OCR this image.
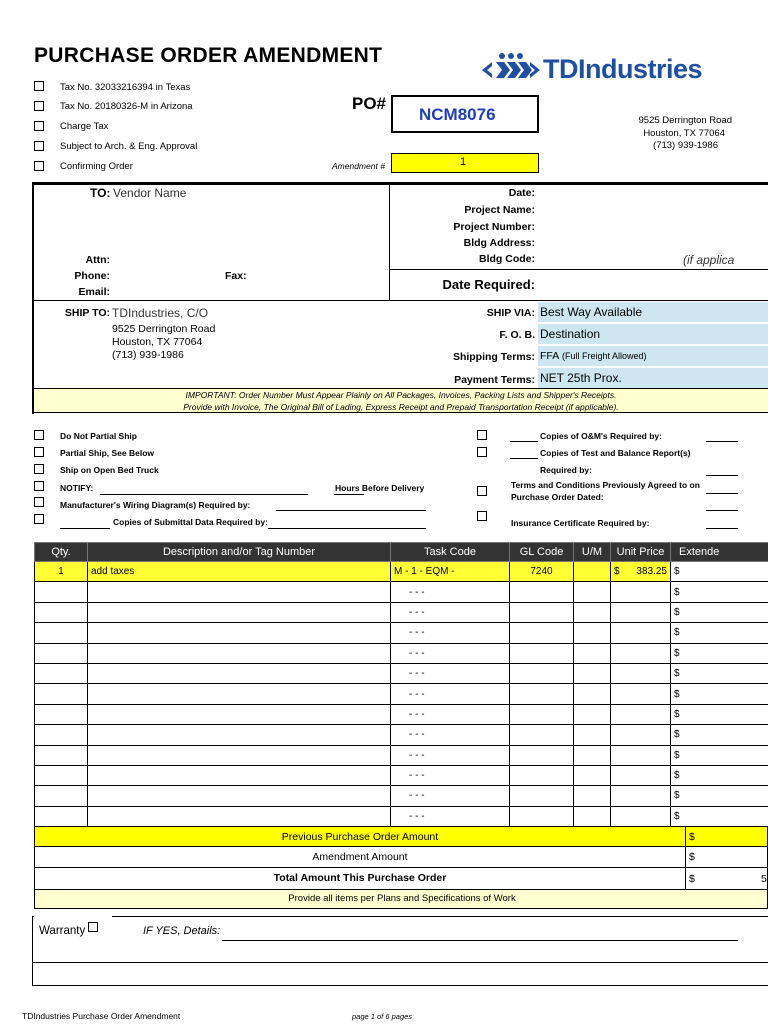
PURCHASE ORDER AMENDMENT
Tax No. 32033216394 in Texas
Tax No. 20180326-M in Arizona
Charge Tax
Subject to Arch. & Eng. Approval
Confirming Order
PO#
NCM8076
Amendment #	1
TDIndustries
9525 Derrington Road
Houston, TX 77064
(713) 939-1986
TO: Vendor Name
Attn:
Phone:	Fax:
Email:
Date:
Project Name:
Project Number:
Bldg Address:
Bldg Code:	(if applica
Date Required:
SHIP TO: TDIndustries, C/O
9525 Derrington Road
Houston, TX 77064
(713) 939-1986
SHIP VIA: Best Way Available
F. O. B. Destination
Shipping Terms: FFA (Full Freight Allowed)
Payment Terms: NET 25th Prox.
IMPORTANT: Order Number Must Appear Plainly on All Packages, Invoices, Packing Lists and Shipper's Receipts.
Provide with Invoice, The Original Bill of Lading, Express Receipt and Prepaid Transportation Receipt (if applicable).
Do Not Partial Ship
Partial Ship, See Below
Ship on Open Bed Truck
NOTIFY:	Hours Before Delivery
Manufacturer's Wiring Diagram(s) Required by:
Copies of Submittal Data Required by:
Copies of O&M's Required by:
Copies of Test and Balance Report(s)
Required by:
Terms and Conditions Previously Agreed to on
Purchase Order Dated:
Insurance Certificate Required by:
Qty.	Description and/or Tag Number	Task Code	GL Code	U/M	Unit Price	Extende
1	add taxes	M - 1 - EQM -	7240		$ 383.25	$
		- - -				$
		- - -				$
		- - -				$
		- - -				$
		- - -				$
		- - -				$
		- - -				$
		- - -				$
		- - -				$
		- - -				$
		- - -				$
		- - -				$
Previous Purchase Order Amount	$
Amendment Amount	$
Total Amount This Purchase Order	$	5
Provide all items per Plans and Specifications of Work
Warranty	IF YES, Details:
TDIndustries Purchase Order Amendment	page 1 of 6 pages
